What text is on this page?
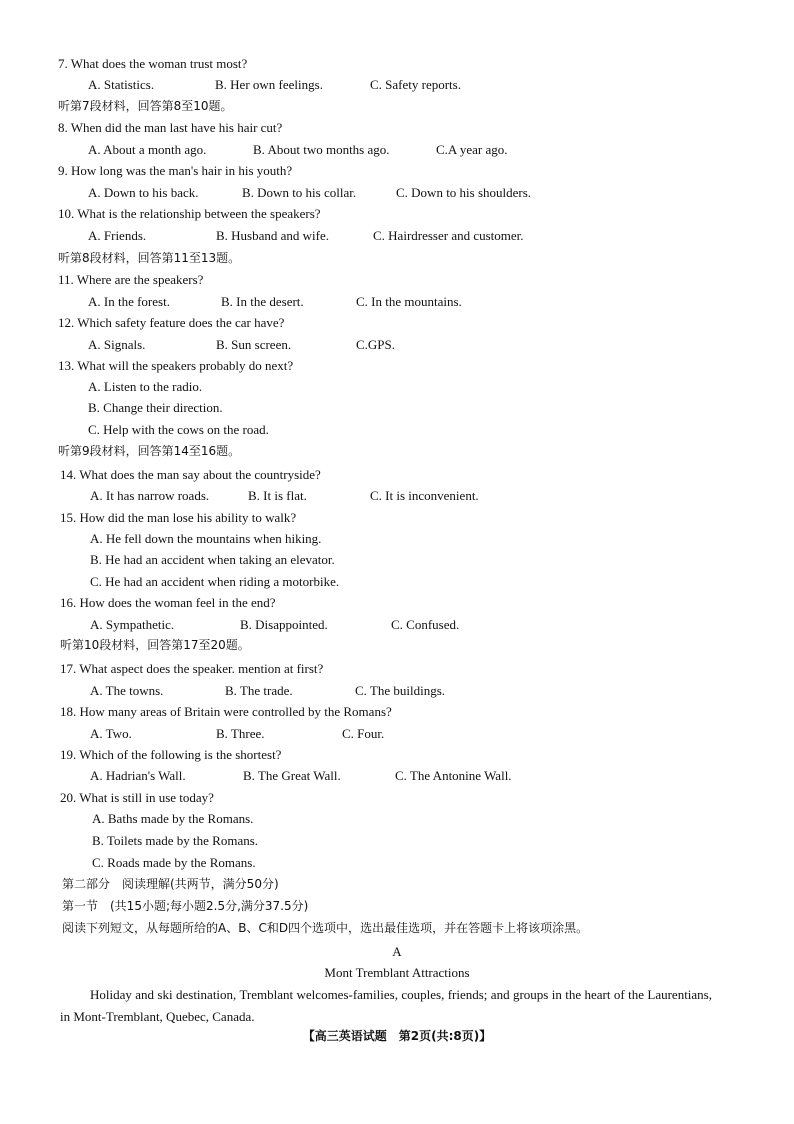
7. What does the woman trust most?
A. Statistics.	B. Her own feelings.	C. Safety reports.
听第7段材料，回答第8至10题。
8. When did the man last have his hair cut?
A. About a month ago.	B. About two months ago.	C.A year ago.
9. How long was the man's hair in his youth?
A. Down to his back.	B. Down to his collar.	C. Down to his shoulders.
10. What is the relationship between the speakers?
A. Friends.	B. Husband and wife.	C. Hairdresser and customer.
听第8段材料，回答第11至13题。
11. Where are the speakers?
A. In the forest.	B. In the desert.	C. In the mountains.
12. Which safety feature does the car have?
A. Signals.	B. Sun screen.	C.GPS.
13. What will the speakers probably do next?
A. Listen to the radio.
B. Change their direction.
C. Help with the cows on the road.
听第9段材料，回答第14至16题。
14. What does the man say about the countryside?
A. It has narrow roads.	B. It is flat.	C. It is inconvenient.
15. How did the man lose his ability to walk?
A. He fell down the mountains when hiking.
B. He had an accident when taking an elevator.
C. He had an accident when riding a motorbike.
16. How does the woman feel in the end?
A. Sympathetic.	B. Disappointed.	C. Confused.
听第10段材料，回答第17至20题。
17. What aspect does the speaker. mention at first?
A. The towns.	B. The trade.	C. The buildings.
18. How many areas of Britain were controlled by the Romans?
A. Two.	B. Three.	C. Four.
19. Which of the following is the shortest?
A. Hadrian's Wall.	B. The Great Wall.	C. The Antonine Wall.
20. What is still in use today?
A. Baths made by the Romans.
B. Toilets made by the Romans.
C. Roads made by the Romans.
第二部分　阅读理解(共两节，满分50分)
第一节　(共15小题;每小题2.5分,满分37.5分)
阅读下列短文，从每题所给的A、B、C和D四个选项中，选出最佳选项，并在答题卡上将该项涂黑。
A
Mont Tremblant Attractions
Holiday and ski destination, Tremblant welcomes-families, couples, friends; and groups in the heart of the Laurentians, in Mont-Tremblant, Quebec, Canada.
【高三英语试题　第2页(共:8页)】
